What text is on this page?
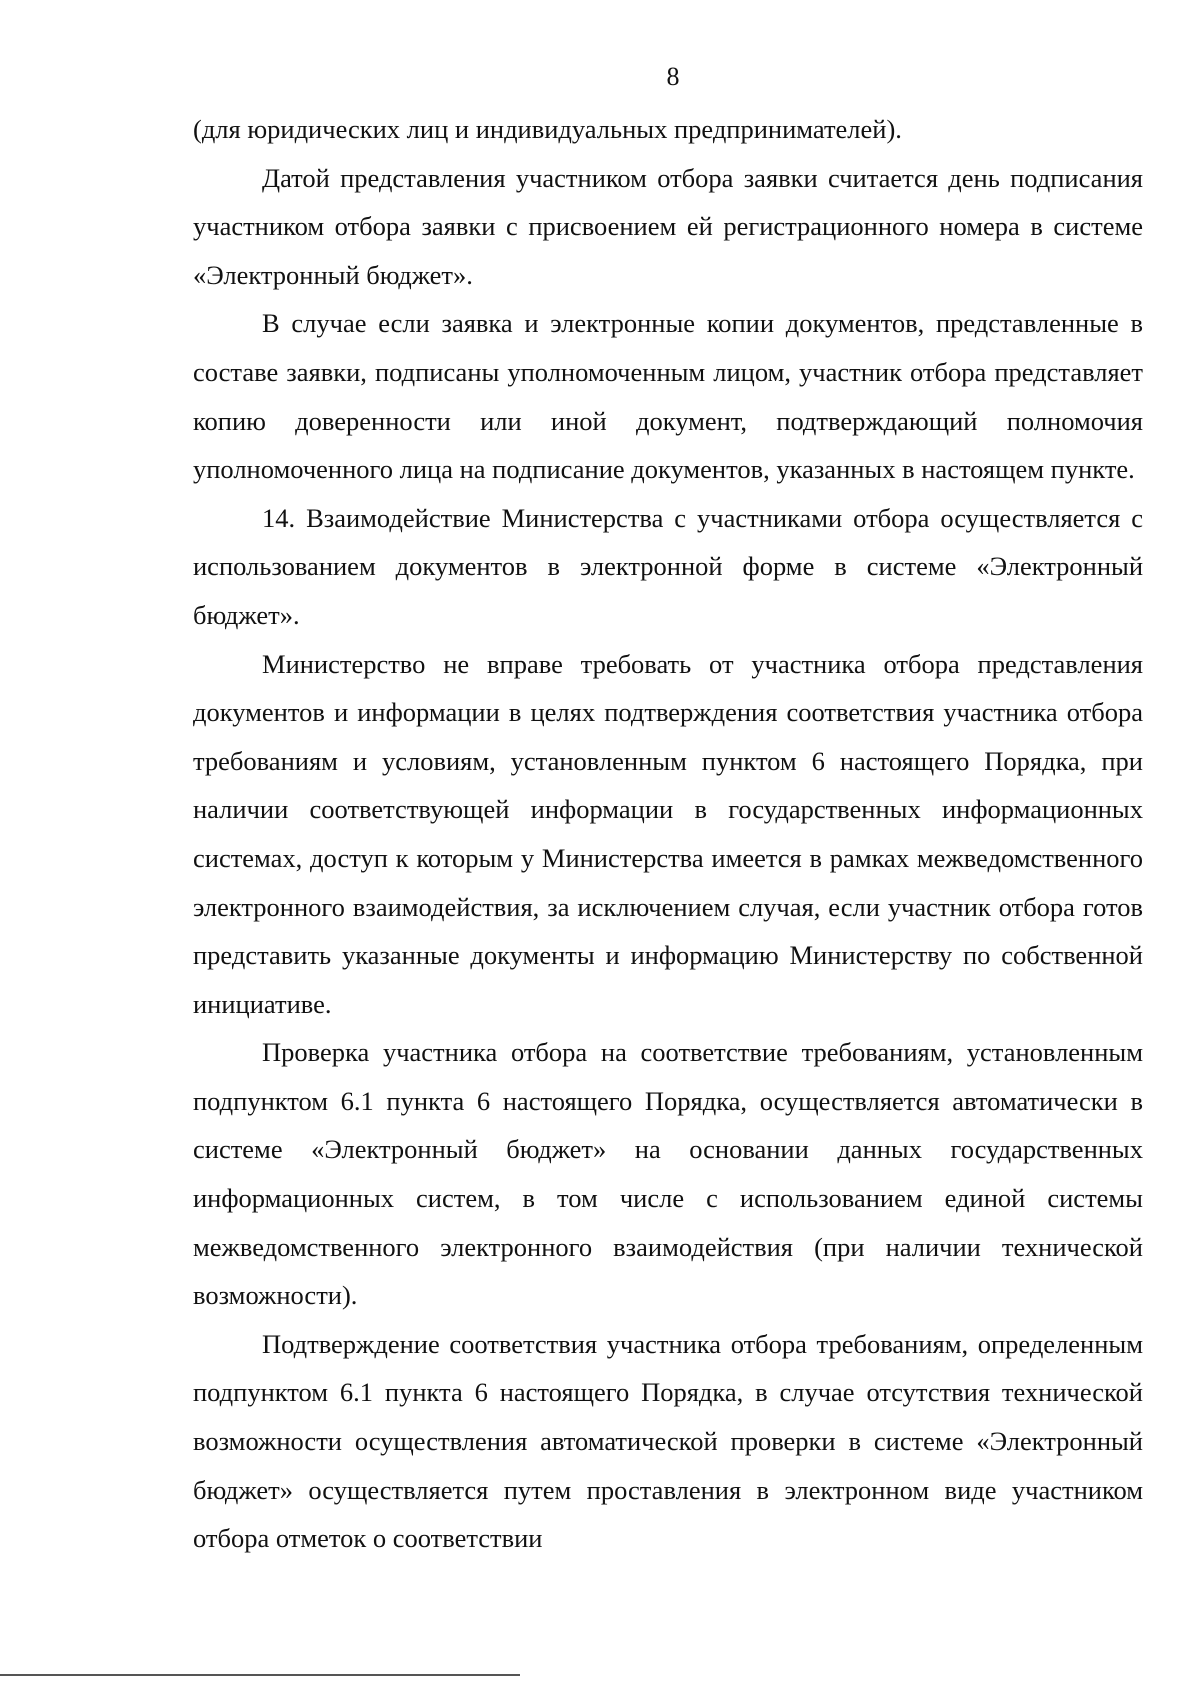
8

(для юридических лиц и индивидуальных предпринимателей).

Датой представления участником отбора заявки считается день подписания участником отбора заявки с присвоением ей регистрационного номера в системе «Электронный бюджет».

В случае если заявка и электронные копии документов, представленные в составе заявки, подписаны уполномоченным лицом, участник отбора представляет копию доверенности или иной документ, подтверждающий полномочия уполномоченного лица на подписание документов, указанных в настоящем пункте.

14. Взаимодействие Министерства с участниками отбора осуществляется с использованием документов в электронной форме в системе «Электронный бюджет».

Министерство не вправе требовать от участника отбора представления документов и информации в целях подтверждения соответствия участника отбора требованиям и условиям, установленным пунктом 6 настоящего Порядка, при наличии соответствующей информации в государственных информационных системах, доступ к которым у Министерства имеется в рамках межведомственного электронного взаимодействия, за исключением случая, если участник отбора готов представить указанные документы и информацию Министерству по собственной инициативе.

Проверка участника отбора на соответствие требованиям, установленным подпунктом 6.1 пункта 6 настоящего Порядка, осуществляется автоматически в системе «Электронный бюджет» на основании данных государственных информационных систем, в том числе с использованием единой системы межведомственного электронного взаимодействия (при наличии технической возможности).

Подтверждение соответствия участника отбора требованиям, определенным подпунктом 6.1 пункта 6 настоящего Порядка, в случае отсутствия технической возможности осуществления автоматической проверки в системе «Электронный бюджет» осуществляется путем проставления в электронном виде участником отбора отметок о соответствии
